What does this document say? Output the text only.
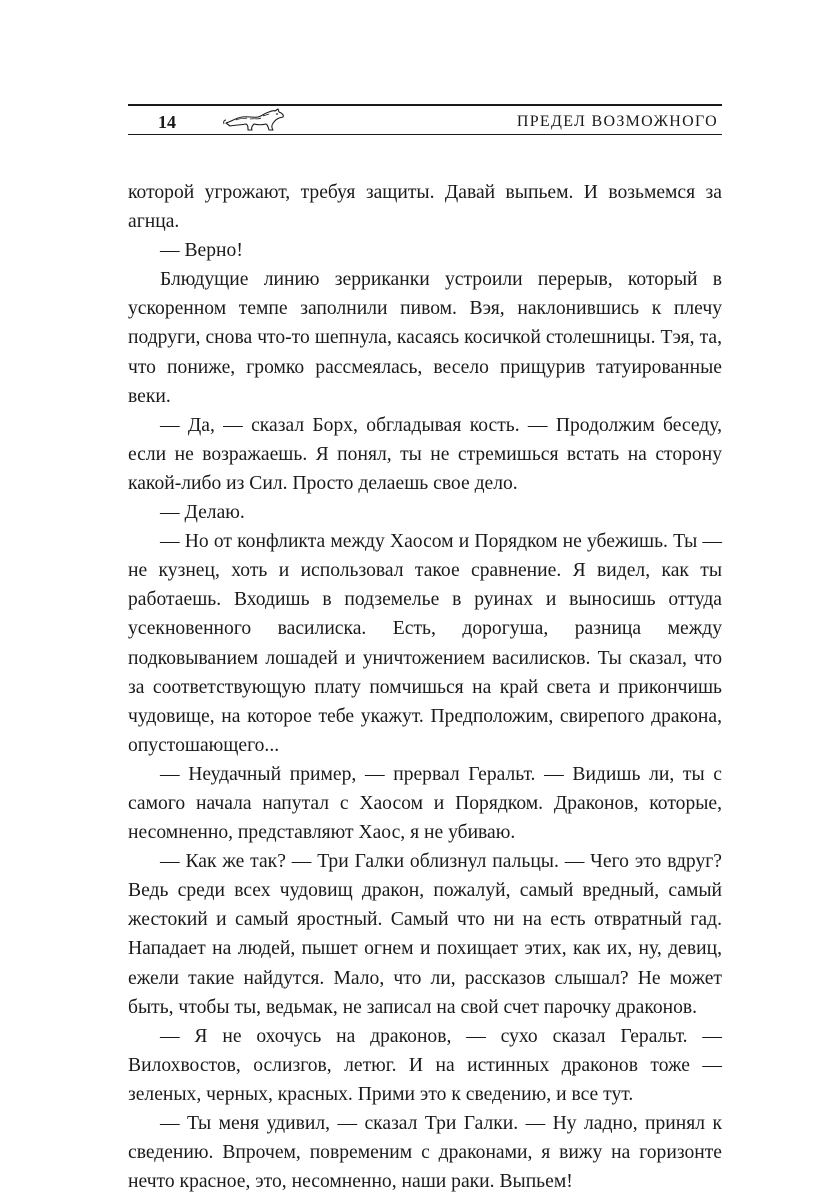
14	ПРЕДЕЛ ВОЗМОЖНОГО

которой угрожают, требуя защиты. Давай выпьем. И возьмемся за агнца.

— Верно!

Блюдущие линию зерриканки устроили перерыв, который в ускоренном темпе заполнили пивом. Вэя, наклонившись к плечу подруги, снова что-то шепнула, касаясь косичкой столешницы. Тэя, та, что пониже, громко рассмеялась, весело прищурив татуированные веки.

— Да, — сказал Борх, обгладывая кость. — Продолжим беседу, если не возражаешь. Я понял, ты не стремишься встать на сторону какой-либо из Сил. Просто делаешь свое дело.

— Делаю.

— Но от конфликта между Хаосом и Порядком не убежишь. Ты — не кузнец, хоть и использовал такое сравнение. Я видел, как ты работаешь. Входишь в подземелье в руинах и выносишь оттуда усекновенного василиска. Есть, дорогуша, разница между подковыванием лошадей и уничтожением василисков. Ты сказал, что за соответствующую плату помчишься на край света и прикончишь чудовище, на которое тебе укажут. Предположим, свирепого дракона, опустошающего...

— Неудачный пример, — прервал Геральт. — Видишь ли, ты с самого начала напутал с Хаосом и Порядком. Драконов, которые, несомненно, представляют Хаос, я не убиваю.

— Как же так? — Три Галки облизнул пальцы. — Чего это вдруг? Ведь среди всех чудовищ дракон, пожалуй, самый вредный, самый жестокий и самый яростный. Самый что ни на есть отвратный гад. Нападает на людей, пышет огнем и похищает этих, как их, ну, девиц, ежели такие найдутся. Мало, что ли, рассказов слышал? Не может быть, чтобы ты, ведьмак, не записал на свой счет парочку драконов.

— Я не охочусь на драконов, — сухо сказал Геральт. — Вилохвостов, ослизгов, летюг. И на истинных драконов тоже — зеленых, черных, красных. Прими это к сведению, и все тут.

— Ты меня удивил, — сказал Три Галки. — Ну ладно, принял к сведению. Впрочем, повременим с драконами, я вижу на горизонте нечто красное, это, несомненно, наши раки. Выпьем!
